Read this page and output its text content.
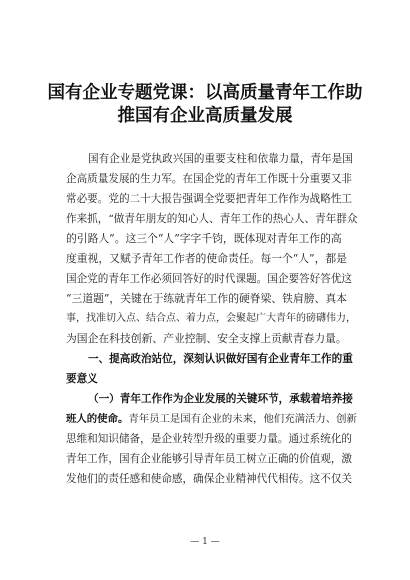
国有企业专题党课：以高质量青年工作助
推国有企业高质量发展
国有企业是党执政兴国的重要支柱和依靠力量，青年是国
企高质量发展的生力军。在国企党的青年工作既十分重要又非
常必要。党的二十大报告强调全党要把青年工作作为战略性工
作来抓，“做青年朋友的知心人、青年工作的热心人、青年群众
的引路人”。这三个“人”字字千钧，既体现对青年工作的高
度重视，又赋予青年工作者的使命责任。每一个“人”，都是
国企党的青年工作必须回答好的时代课题。国企要答好答优这
“三道题”，关键在于练就青年工作的硬脊梁、铁肩膀、真本
事，找准切入点、结合点、着力点，会聚起广大青年的磅礴伟力，
为国企在科技创新、产业控制、安全支撑上贡献青春力量。
一、提高政治站位，深刻认识做好国有企业青年工作的重
要意义
（一）青年工作作为企业发展的关键环节，承载着培养接
班人的使命。青年员工是国有企业的未来，他们充满活力、创新
思维和知识储备，是企业转型升级的重要力量。通过系统化的
青年工作，国有企业能够引导青年员工树立正确的价值观，激
发他们的责任感和使命感，确保企业精神代代相传。这不仅关
— 1 —
